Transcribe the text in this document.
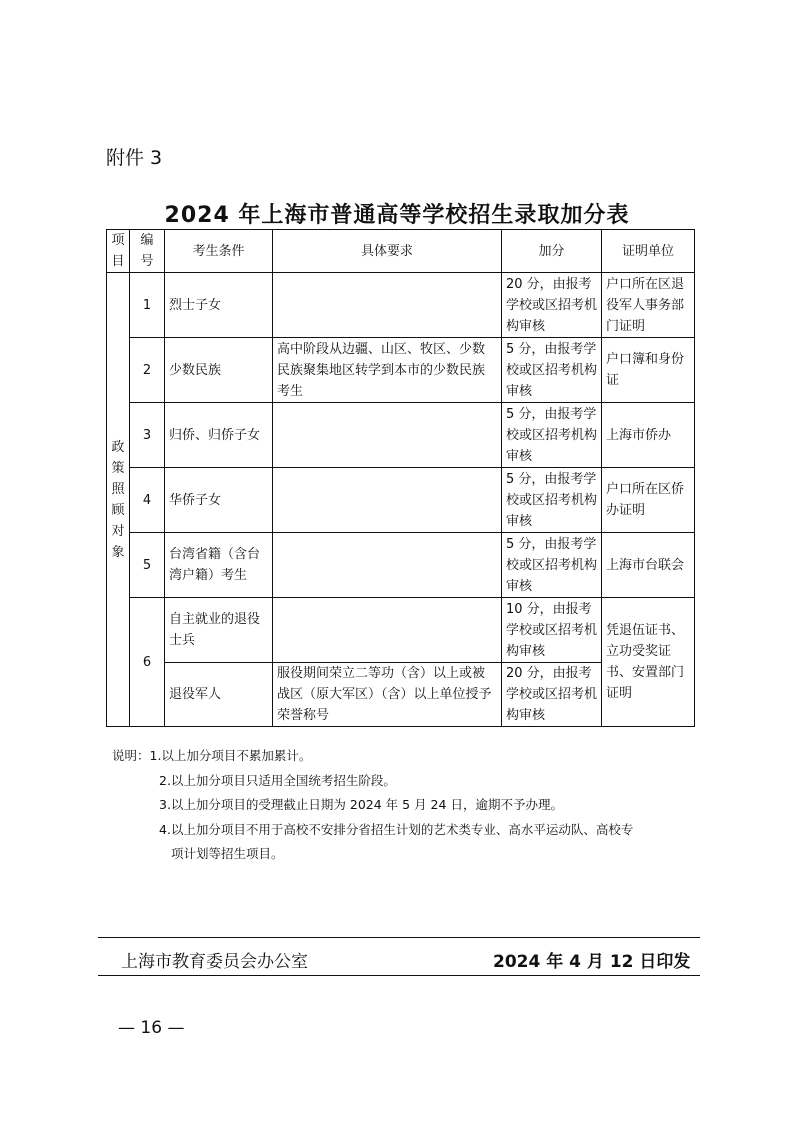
附件 3
2024 年上海市普通高等学校招生录取加分表
项目	编号	考生条件	具体要求	加分	证明单位
政策照顾对象	1	烈士子女		20 分，由报考学校或区招考机构审核	户口所在区退役军人事务部门证明
	2	少数民族	高中阶段从边疆、山区、牧区、少数民族聚集地区转学到本市的少数民族考生	5 分，由报考学校或区招考机构审核	户口簿和身份证
	3	归侨、归侨子女		5 分，由报考学校或区招考机构审核	上海市侨办
	4	华侨子女		5 分，由报考学校或区招考机构审核	户口所在区侨办证明
	5	台湾省籍（含台湾户籍）考生		5 分，由报考学校或区招考机构审核	上海市台联会
	6	自主就业的退役士兵		10 分，由报考学校或区招考机构审核	凭退伍证书、立功受奖证书、安置部门证明
		退役军人	服役期间荣立二等功（含）以上或被战区（原大军区）（含）以上单位授予荣誉称号	20 分，由报考学校或区招考机构审核	
说明：1.以上加分项目不累加累计。
2.以上加分项目只适用全国统考招生阶段。
3.以上加分项目的受理截止日期为 2024 年 5 月 24 日，逾期不予办理。
4.以上加分项目不用于高校不安排分省招生计划的艺术类专业、高水平运动队、高校专
项计划等招生项目。
上海市教育委员会办公室	2024 年 4 月 12 日印发
— 16 —
